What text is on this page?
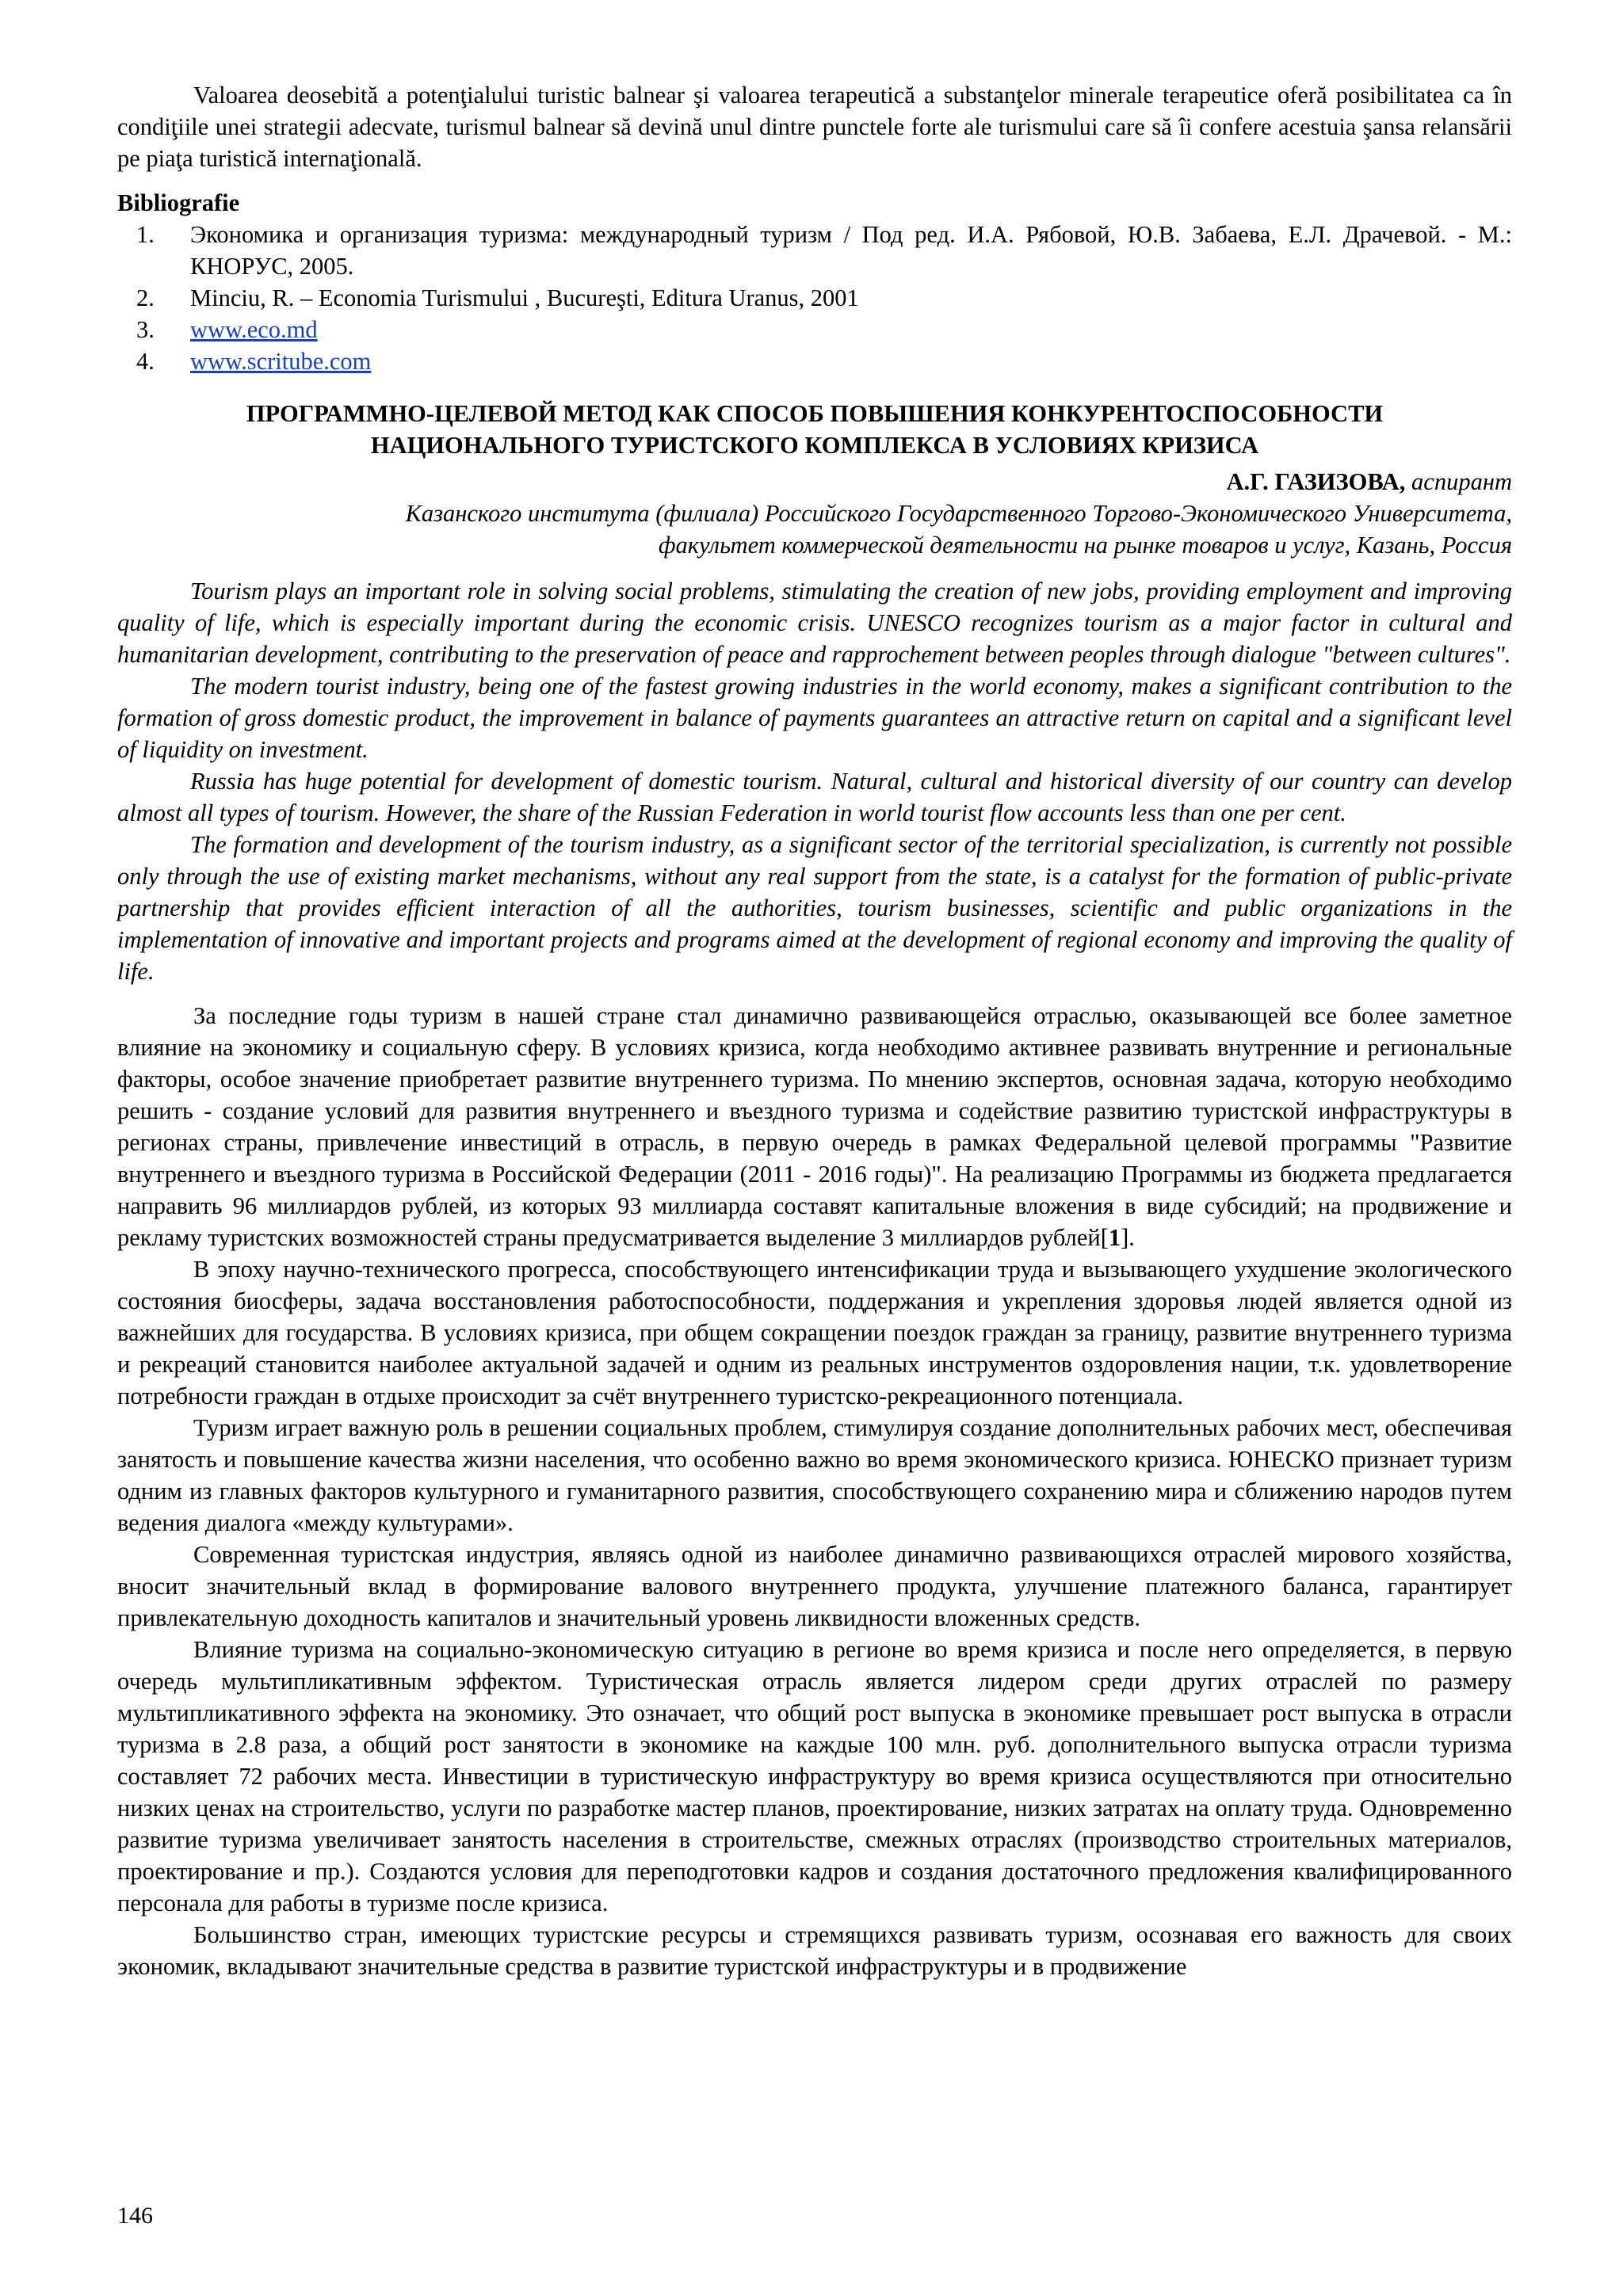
Valoarea deosebită a potenţialului turistic balnear şi valoarea terapeutică a substanţelor minerale terapeutice oferă posibilitatea ca în condiţiile unei strategii adecvate, turismul balnear să devină unul dintre punctele forte ale turismului care să îi confere acestuia şansa relansării pe piaţa turistică internaţională.

Bibliografie
1. Экономика и организация туризма: международный туризм / Под ред. И.А. Рябовой, Ю.В. Забаева, Е.Л. Драчевой. - М.: КНОРУС, 2005.
2. Minciu, R. – Economia Turismului , Bucureşti, Editura Uranus, 2001
3. www.eco.md
4. www.scritube.com
ПРОГРАММНО-ЦЕЛЕВОЙ МЕТОД КАК СПОСОБ ПОВЫШЕНИЯ КОНКУРЕНТОСПОСОБНОСТИ
НАЦИОНАЛЬНОГО ТУРИСТСКОГО КОМПЛЕКСА В УСЛОВИЯХ КРИЗИСА
А.Г. ГАЗИЗОВА, аспирант
Казанского института (филиала) Российского Государственного Торгово-Экономического Университета,
факультет коммерческой деятельности на рынке товаров и услуг, Казань, Россия

Tourism plays an important role in solving social problems, stimulating the creation of new jobs, providing employment and improving quality of life, which is especially important during the economic crisis. UNESCO recognizes tourism as a major factor in cultural and humanitarian development, contributing to the preservation of peace and rapprochement between peoples through dialogue "between cultures".

The modern tourist industry, being one of the fastest growing industries in the world economy, makes a significant contribution to the formation of gross domestic product, the improvement in balance of payments guarantees an attractive return on capital and a significant level of liquidity on investment.

Russia has huge potential for development of domestic tourism. Natural, cultural and historical diversity of our country can develop almost all types of tourism. However, the share of the Russian Federation in world tourist flow accounts less than one per cent.

The formation and development of the tourism industry, as a significant sector of the territorial specialization, is currently not possible only through the use of existing market mechanisms, without any real support from the state, is a catalyst for the formation of public-private partnership that provides efficient interaction of all the authorities, tourism businesses, scientific and public organizations in the implementation of innovative and important projects and programs aimed at the development of regional economy and improving the quality of life.

За последние годы туризм в нашей стране стал динамично развивающейся отраслью, оказывающей все более заметное влияние на экономику и социальную сферу. В условиях кризиса, когда необходимо активнее развивать внутренние и региональные факторы, особое значение приобретает развитие внутреннего туризма. По мнению экспертов, основная задача, которую необходимо решить - создание условий для развития внутреннего и въездного туризма и содействие развитию туристской инфраструктуры в регионах страны, привлечение инвестиций в отрасль, в первую очередь в рамках Федеральной целевой программы "Развитие внутреннего и въездного туризма в Российской Федерации (2011 - 2016 годы)". На реализацию Программы из бюджета предлагается направить 96 миллиардов рублей, из которых 93 миллиарда составят капитальные вложения в виде субсидий; на продвижение и рекламу туристских возможностей страны предусматривается выделение 3 миллиардов рублей[1].

В эпоху научно-технического прогресса, способствующего интенсификации труда и вызывающего ухудшение экологического состояния биосферы, задача восстановления работоспособности, поддержания и укрепления здоровья людей является одной из важнейших для государства. В условиях кризиса, при общем сокращении поездок граждан за границу, развитие внутреннего туризма и рекреаций становится наиболее актуальной задачей и одним из реальных инструментов оздоровления нации, т.к. удовлетворение потребности граждан в отдыхе происходит за счёт внутреннего туристско-рекреационного потенциала.

Туризм играет важную роль в решении социальных проблем, стимулируя создание дополнительных рабочих мест, обеспечивая занятость и повышение качества жизни населения, что особенно важно во время экономического кризиса. ЮНЕСКО признает туризм одним из главных факторов культурного и гуманитарного развития, способствующего сохранению мира и сближению народов путем ведения диалога «между культурами».

Современная туристская индустрия, являясь одной из наиболее динамично развивающихся отраслей мирового хозяйства, вносит значительный вклад в формирование валового внутреннего продукта, улучшение платежного баланса, гарантирует привлекательную доходность капиталов и значительный уровень ликвидности вложенных средств.

Влияние туризма на социально-экономическую ситуацию в регионе во время кризиса и после него определяется, в первую очередь мультипликативным эффектом. Туристическая отрасль является лидером среди других отраслей по размеру мультипликативного эффекта на экономику. Это означает, что общий рост выпуска в экономике превышает рост выпуска в отрасли туризма в 2.8 раза, а общий рост занятости в экономике на каждые 100 млн. руб. дополнительного выпуска отрасли туризма составляет 72 рабочих места. Инвестиции в туристическую инфраструктуру во время кризиса осуществляются при относительно низких ценах на строительство, услуги по разработке мастер планов, проектирование, низких затратах на оплату труда. Одновременно развитие туризма увеличивает занятость населения в строительстве, смежных отраслях (производство строительных материалов, проектирование и пр.). Создаются условия для переподготовки кадров и создания достаточного предложения квалифицированного персонала для работы в туризме после кризиса.

Большинство стран, имеющих туристские ресурсы и стремящихся развивать туризм, осознавая его важность для своих экономик, вкладывают значительные средства в развитие туристской инфраструктуры и в продвижение

146
